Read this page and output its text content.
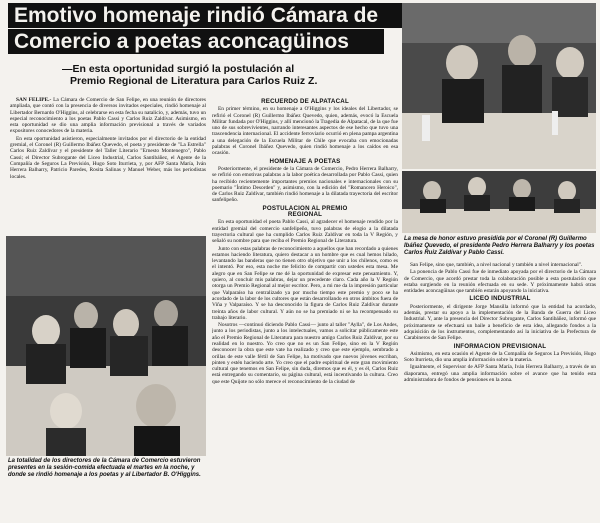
Emotivo homenaje rindió Cámara de
Comercio a poetas aconcagüinos
—En esta oportunidad surgió la postulación al
Premio Regional de Literatura para Carlos Ruiz Z.

SAN FELIPE.- La Cámara de Comercio de San Felipe, en una reunión de directores ampliada, que contó con la presencia de diversos invitados especiales, rindió homenaje al Libertador Bernardo O'Higgins, al celebrarse en esta fecha su natalicio, y, además, tuvo un especial reconocimiento a los poetas Pablo Cassi y Carlos Ruiz Zaldívar. Asimismo, en esta oportunidad se dio una amplia información previsional a través de variados expositores conocedores de la materia.

En esta oportunidad asistieron, especialmente invitados por el directorio de la entidad gremial, el Coronel (R) Guillermo Ibáñez Quevedo, el poeta y presidente de "La Estrella" Carlos Ruiz Zaldívar y el presidente del Taller Literario "Ernesto Montenegro", Pablo Cassi; el Director Subrogante del Liceo Industrial, Carlos Santibáñez, el Agente de la Compañía de Seguros La Previsión, Hugo Soto Iturrieta, y, por AFP Santa María, Iván Herrera Balharry, Patricio Paredes, Rosita Salinas y Manuel Weber, más los periodistas locales.

La totalidad de los directores de la Cámara de Comercio estuvieron presentes en la sesión-comida efectuada el martes en la noche, y donde se rindió homenaje a los poetas y al Libertador B. O'Higgins.
RECUERDO DE ALPATACAL

En primer término, en su homenaje a O'Higgins y los ideales del Libertador, se refirió el Coronel (R) Guillermo Ibáñez Quevedo, quien, además, evocó la Escuela Militar fundada por O'Higgins, y allí mencionó la Tragedia de Alpatacal, de la que fue uno de sus sobrevivientes, narrando interesantes aspectos de ese hecho que tuvo una trascendencia internacional. El accidente ferroviario ocurrió en plena pampa argentina a una delegación de la Escuela Militar de Chile que evocaba con emocionadas palabras el Coronel Ibáñez Quevedo, quien rindió homenaje a los caídos en esa ocasión.

HOMENAJE A POETAS

Posteriormente, el presidente de la Cámara de Comercio, Pedro Herrera Balharry, se refirió con emotivas palabras a la labor poética desarrollada por Pablo Cassi, quien ha recibido recientemente importantes premios nacionales e internacionales con su poemario "Íntimo Desorden" y, asimismo, con la edición del "Romancero Heroico", de Carlos Ruiz Zaldívar, también rindió homenaje a la dilatada trayectoria del escritor sanfelipeño.

POSTULACION AL PREMIO REGIONAL

En esta oportunidad el poeta Pablo Cassi, al agradecer el homenaje rendido por la entidad gremial del comercio sanfelipeño, tuvo palabras de elogio a la dilatada trayectoria cultural que ha cumplido Carlos Ruiz Zaldívar en toda la V Región, y señaló su nombre para que reciba el Premio Regional de Literatura.

Junto con estas palabras de reconocimiento a aquellos que han recordado a quienes estamos haciendo literatura, quiero destacar a un hombre que es cual hemos hilado, levantando las banderas que no tienen otro objetivo que unir a los chilenos, como es el intentó. Por eso, esta noche me felicito de compartir con ustedes esta mesa. Me alegro que en San Felipe se me dé la oportunidad de expresar este pensamiento. Y, quiero, al concluir mis palabras, dejar un precedente claro. Cada año la V Región otorga un Premio Regional al mejor escritor. Pero, a mi me da la impresión particular que Valparaíso ha centralizado ya por mucho tiempo este premio y poco se ha acordado de la labor de los cultores que están desarrollando en otros ámbitos fuera de Viña y Valparaíso. Y se ha desconocido la figura de Carlos Ruiz Zaldívar durante treinta años de labor cultural. Y aún no se ha premiado ni se ha recompensado su trabajo literario.

Nosotros —continuó diciendo Pablo Cassi— junto al taller "Aylla", de Los Andes, junto a los periodistas, junto a los intelectuales, vamos a solicitar públicamente este año el Premio Regional de Literatura para nuestro amigo Carlos Ruiz Zaldívar, por su realidad en lo nuestro. Yo creo que no es un San Felipe, sino en la V Región desconocer la obra que este vate ha realizado y creo que este ejemplo, sembrado a orillas de este valle fértil de San Felipe, ha motivado que nuevos jóvenes escriban, pinten y estén haciendo arte. Yo creo que el padre espiritual de este gran movimiento cultural que tenemos en San Felipe, sin duda, diremos que es él, y es él, Carlos Ruiz está entregando su comentario, su página cultural, está incentivando la cultura. Creo que este Quijote no sólo merece el reconocimiento de la ciudad de

La mesa de honor estuvo presidida por el Coronel (R) Guillermo Ibáñez Quevedo, el presidente Pedro Herrera Balharry y los poetas Carlos Ruiz Zaldívar y Pablo Cassi.

San Felipe, sino que, también, a nivel nacional y también a nivel internacional".

La ponencia de Pablo Cassi fue de inmediato apoyada por el directorio de la Cámara de Comercio, que acordó prestar toda la colaboración posible a esta postulación que estaba surgiendo en la reunión efectuada en su sede. Y próximamente habrá otras entidades aconcagüinas que también estarán apoyando la iniciativa.

LICEO INDUSTRIAL

Posteriormente, el dirigente Jorge Mansilla informó que la entidad ha acordado, además, prestar su apoyo a la implementación de la Banda de Guerra del Liceo Industrial. Y, ante la presencia del Director Subrogante, Carlos Santibáñez, informó que próximamente se efectuará un baile a beneficio de esta idea, allegando fondos a la adquisición de los instrumentos, complementando así la iniciativa de la Prefectura de Carabineros de San Felipe.

INFORMACION PREVISIONAL

Asimismo, en esta ocasión el Agente de la Compañía de Seguros La Previsión, Hugo Soto Iturrieta, dio una amplia información sobre la materia.

Igualmente, el Supervisor de AFP Santa María, Iván Herrera Balharry, a través de un diaporama, entregó una amplia información sobre el avance que ha tenido esta administradora de fondos de pensiones en la zona.
